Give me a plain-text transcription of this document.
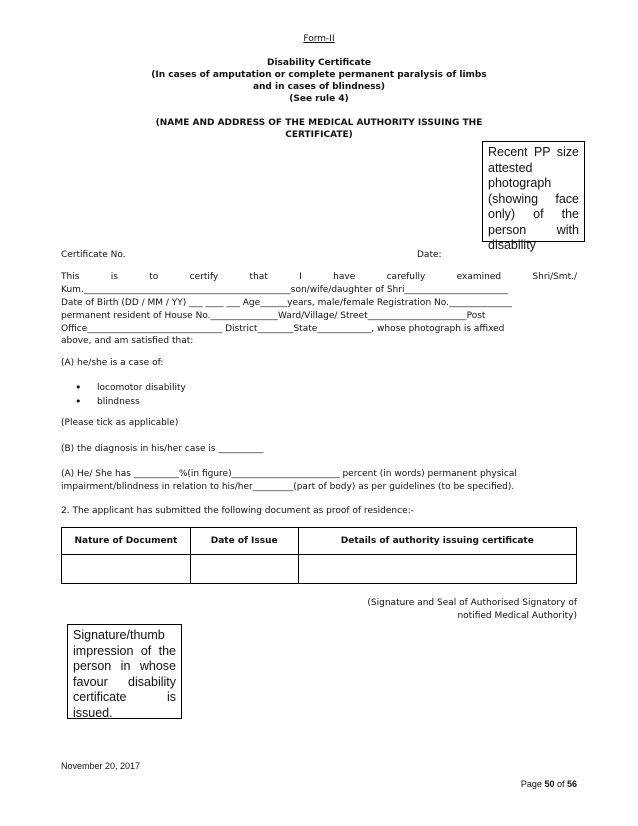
Form-II
Disability Certificate
(In cases of amputation or complete permanent paralysis of limbs
and in cases of blindness)
(See rule 4)
(NAME AND ADDRESS OF THE MEDICAL AUTHORITY ISSUING THE
CERTIFICATE)
Recent PP size
attested
photograph
(showing face
only) of the
person with
disability
Certificate No.	Date:
This is to certify that I have carefully examined Shri/Smt./
Kum.______________________________________________son/wife/daughter of Shri_______________________
Date of Birth (DD / MM / YY) ___ ____ ___ Age______years, male/female Registration No.______________
permanent resident of House No._______________Ward/Village/ Street______________________Post
Office______________________________ District________State____________, whose photograph is affixed
above, and am satisfied that:
(A) he/she is a case of:
• locomotor disability
• blindness
(Please tick as applicable)
(B) the diagnosis in his/her case is __________
(A) He/ She has __________%(in figure)________________________ percent (in words) permanent physical
impairment/blindness in relation to his/her_________(part of body) as per guidelines (to be specified).
2. The applicant has submitted the following document as proof of residence:-
Nature of Document	Date of Issue	Details of authority issuing certificate

(Signature and Seal of Authorised Signatory of
notified Medical Authority)
Signature/thumb
impression of the
person in whose
favour disability
certificate is
issued.
November 20, 2017
Page 50 of 56
